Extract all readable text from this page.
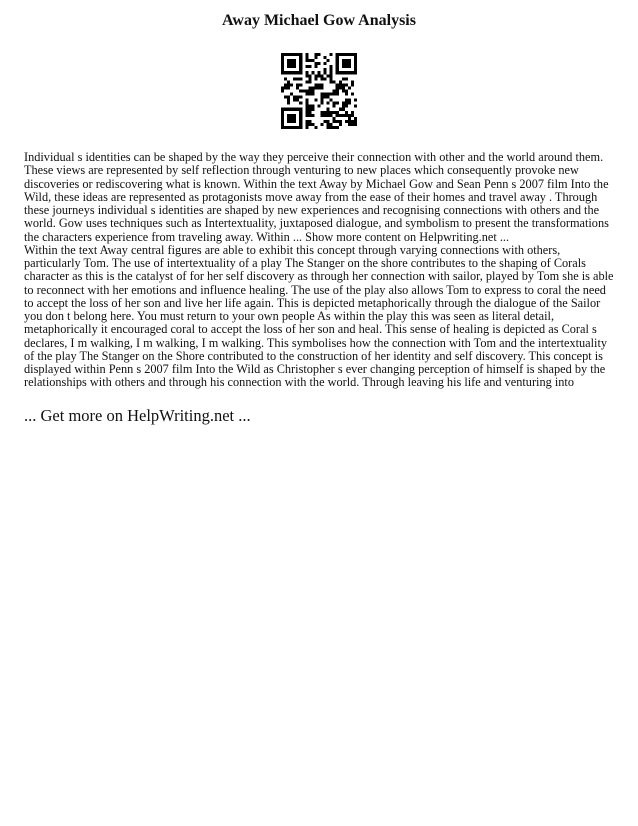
Away Michael Gow Analysis

Individual s identities can be shaped by the way they perceive their connection with other and the world around them. These views are represented by self reflection through venturing to new places which consequently provoke new discoveries or rediscovering what is known. Within the text Away by Michael Gow and Sean Penn s 2007 film Into the Wild, these ideas are represented as protagonists move away from the ease of their homes and travel away . Through these journeys individual s identities are shaped by new experiences and recognising connections with others and the world. Gow uses techniques such as Intertextuality, juxtaposed dialogue, and symbolism to present the transformations the characters experience from traveling away. Within ... Show more content on Helpwriting.net ...

Within the text Away central figures are able to exhibit this concept through varying connections with others, particularly Tom. The use of intertextuality of a play The Stanger on the shore contributes to the shaping of Corals character as this is the catalyst of for her self discovery as through her connection with sailor, played by Tom she is able to reconnect with her emotions and influence healing. The use of the play also allows Tom to express to coral the need to accept the loss of her son and live her life again. This is depicted metaphorically through the dialogue of the Sailor you don t belong here. You must return to your own people As within the play this was seen as literal detail, metaphorically it encouraged coral to accept the loss of her son and heal. This sense of healing is depicted as Coral s declares, I m walking, I m walking, I m walking. This symbolises how the connection with Tom and the intertextuality of the play The Stanger on the Shore contributed to the construction of her identity and self discovery. This concept is displayed within Penn s 2007 film Into the Wild as Christopher s ever changing perception of himself is shaped by the relationships with others and through his connection with the world. Through leaving his life and venturing into

... Get more on HelpWriting.net ...
